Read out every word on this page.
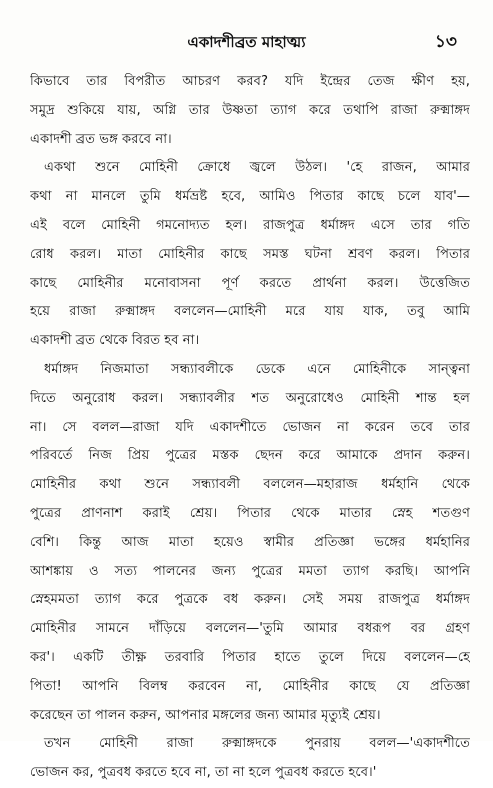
একাদশীব্রত মাহাত্ম্য	১৩
কিভাবে তার বিপরীত আচরণ করব? যদি ইন্দ্রের তেজ ক্ষীণ হয়,
সমুদ্র শুকিয়ে যায়, অগ্নি তার উষ্ণতা ত্যাগ করে তথাপি রাজা রুক্মাঙ্গদ
একাদশী ব্রত ভঙ্গ করবে না।
একথা শুনে মোহিনী ক্রোধে জ্বলে উঠল। 'হে রাজন, আমার
কথা না মানলে তুমি ধর্মভ্রষ্ট হবে, আমিও পিতার কাছে চলে যাব'—
এই বলে মোহিনী গমনোদ্যত হল। রাজপুত্র ধর্মাঙ্গদ এসে তার গতি
রোধ করল। মাতা মোহিনীর কাছে সমস্ত ঘটনা শ্রবণ করল। পিতার
কাছে মোহিনীর মনোবাসনা পূর্ণ করতে প্রার্থনা করল। উত্তেজিত
হয়ে রাজা রুক্মাঙ্গদ বললেন—মোহিনী মরে যায় যাক, তবু আমি
একাদশী ব্রত থেকে বিরত হব না।
ধর্মাঙ্গদ নিজমাতা সন্ধ্যাবলীকে ডেকে এনে মোহিনীকে সান্ত্বনা
দিতে অনুরোধ করল। সন্ধ্যাবলীর শত অনুরোধেও মোহিনী শান্ত হল
না। সে বলল—রাজা যদি একাদশীতে ভোজন না করেন তবে তার
পরিবর্তে নিজ প্রিয় পুত্রের মস্তক ছেদন করে আমাকে প্রদান করুন।
মোহিনীর কথা শুনে সন্ধ্যাবলী বললেন—মহারাজ ধর্মহানি থেকে
পুত্রের প্রাণনাশ করাই শ্রেয়। পিতার থেকে মাতার স্নেহ শতগুণ
বেশি। কিন্তু আজ মাতা হয়েও স্বামীর প্রতিজ্ঞা ভঙ্গের ধর্মহানির
আশঙ্কায় ও সত্য পালনের জন্য পুত্রের মমতা ত্যাগ করছি। আপনি
স্নেহমমতা ত্যাগ করে পুত্রকে বধ করুন। সেই সময় রাজপুত্র ধর্মাঙ্গদ
মোহিনীর সামনে দাঁড়িয়ে বললেন—'তুমি আমার বধরূপ বর গ্রহণ
কর'। একটি তীক্ষ্ণ তরবারি পিতার হাতে তুলে দিয়ে বললেন—হে
পিতা! আপনি বিলম্ব করবেন না, মোহিনীর কাছে যে প্রতিজ্ঞা
করেছেন তা পালন করুন, আপনার মঙ্গলের জন্য আমার মৃত্যুই শ্রেয়।
তখন মোহিনী রাজা রুক্মাঙ্গদকে পুনরায় বলল—'একাদশীতে
ভোজন কর, পুত্রবধ করতে হবে না, তা না হলে পুত্রবধ করতে হবে।'
